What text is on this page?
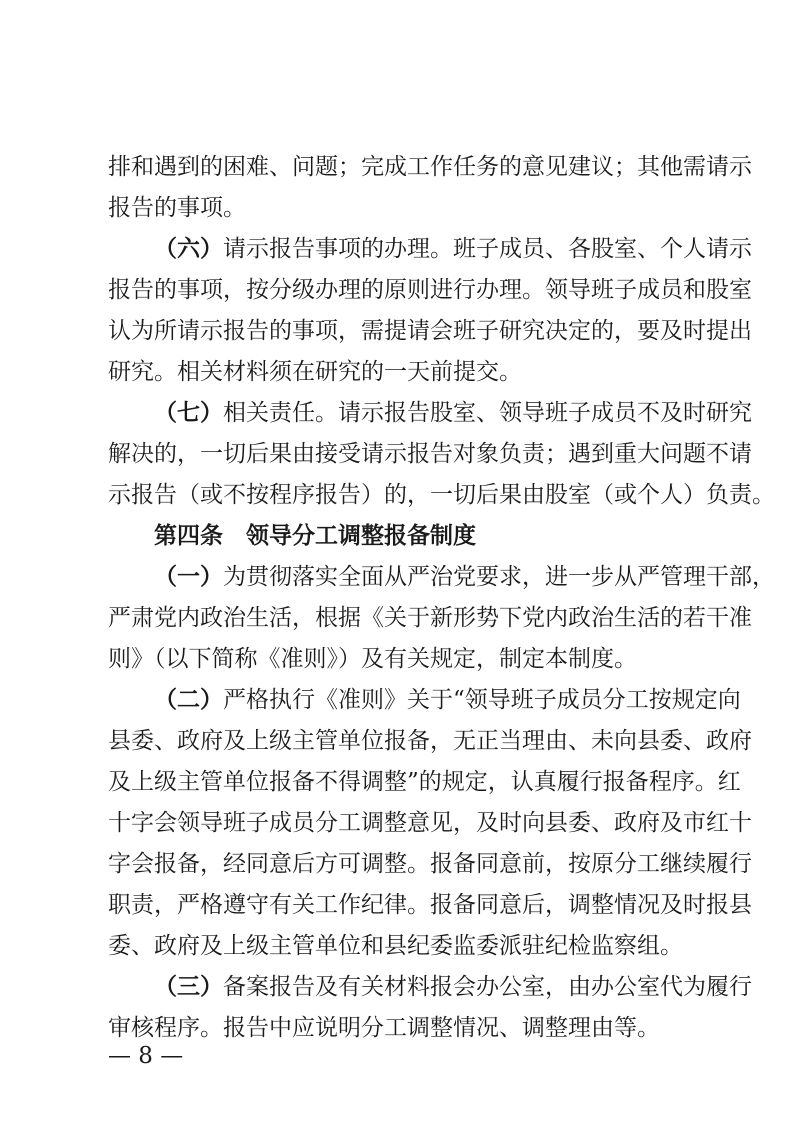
排和遇到的困难、问题；完成工作任务的意见建议；其他需请示
报告的事项。
（六）请示报告事项的办理。班子成员、各股室、个人请示
报告的事项，按分级办理的原则进行办理。领导班子成员和股室
认为所请示报告的事项，需提请会班子研究决定的，要及时提出
研究。相关材料须在研究的一天前提交。
（七）相关责任。请示报告股室、领导班子成员不及时研究
解决的，一切后果由接受请示报告对象负责；遇到重大问题不请
示报告（或不按程序报告）的，一切后果由股室（或个人）负责。
第四条　领导分工调整报备制度
（一）为贯彻落实全面从严治党要求，进一步从严管理干部，
严肃党内政治生活，根据《关于新形势下党内政治生活的若干准
则》（以下简称《准则》）及有关规定，制定本制度。
（二）严格执行《准则》关于“领导班子成员分工按规定向
县委、政府及上级主管单位报备，无正当理由、未向县委、政府
及上级主管单位报备不得调整”的规定，认真履行报备程序。红
十字会领导班子成员分工调整意见，及时向县委、政府及市红十
字会报备，经同意后方可调整。报备同意前，按原分工继续履行
职责，严格遵守有关工作纪律。报备同意后，调整情况及时报县
委、政府及上级主管单位和县纪委监委派驻纪检监察组。
（三）备案报告及有关材料报会办公室，由办公室代为履行
审核程序。报告中应说明分工调整情况、调整理由等。
— 8 —
